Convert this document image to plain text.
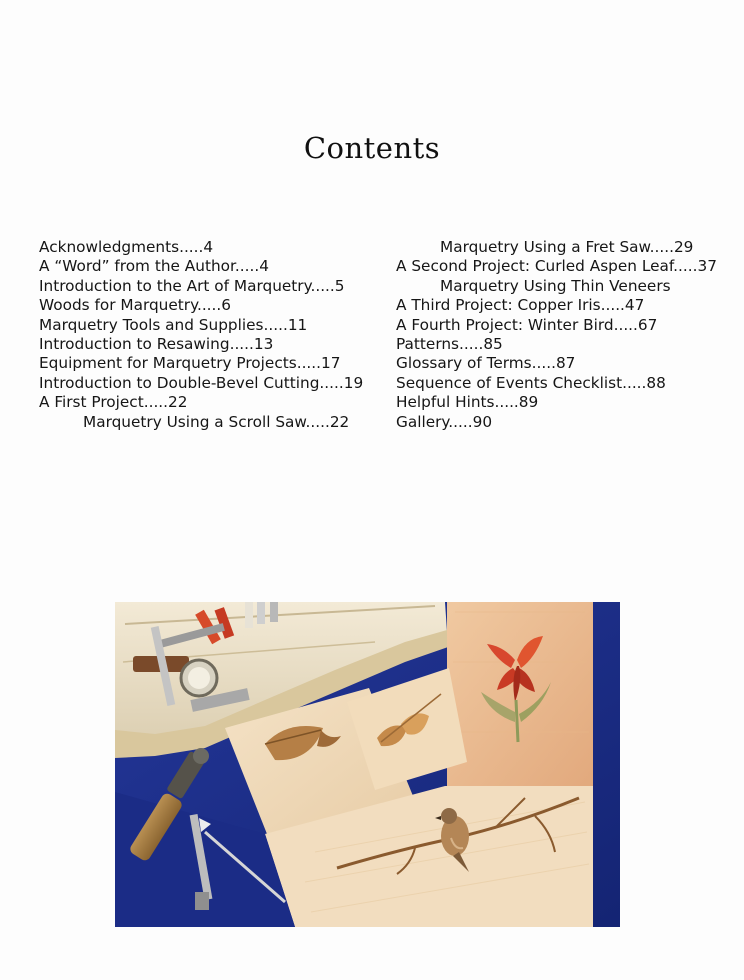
Contents
Acknowledgments.....4
A “Word” from the Author.....4
Introduction to the Art of Marquetry.....5
Woods for Marquetry.....6
Marquetry Tools and Supplies.....11
Introduction to Resawing.....13
Equipment for Marquetry Projects.....17
Introduction to Double-Bevel Cutting.....19
A First Project.....22
Marquetry Using a Scroll Saw.....22
Marquetry Using a Fret Saw.....29
A Second Project: Curled Aspen Leaf.....37
Marquetry Using Thin Veneers
A Third Project: Copper Iris.....47
A Fourth Project: Winter Bird.....67
Patterns.....85
Glossary of Terms.....87
Sequence of Events Checklist.....88
Helpful Hints.....89
Gallery.....90
